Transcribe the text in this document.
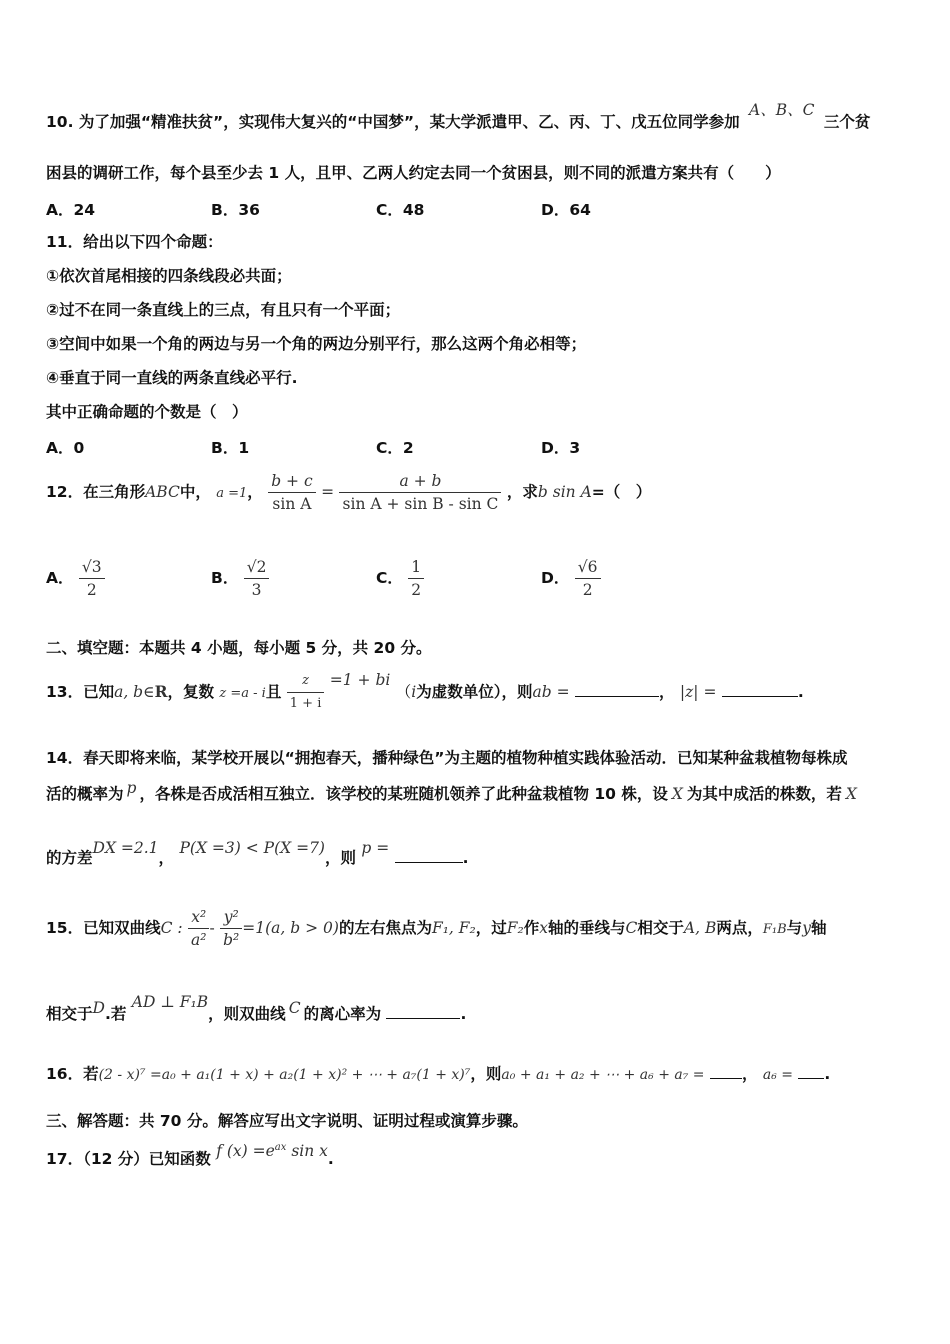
10. 为了加强“精准扶贫”，实现伟大复兴的“中国梦”，某大学派遣甲、乙、丙、丁、戊五位同学参加 A、B、C 三个贫
困县的调研工作，每个县至少去 1 人，且甲、乙两人约定去同一个贫困县，则不同的派遣方案共有（　　）
A．24	B．36	C．48	D．64
11．给出以下四个命题：
①依次首尾相接的四条线段必共面；
②过不在同一条直线上的三点，有且只有一个平面；
③空间中如果一个角的两边与另一个角的两边分别平行，那么这两个角必相等；
④垂直于同一直线的两条直线必平行.
其中正确命题的个数是（　）
A．0	B．1	C．2	D．3
12．在三角形ABC中， a =1， $\frac{b + c}{\text{sin A}} = \frac{a + b}{\text{sin A + sin B - sin C}}$ ，求b sin A=（　）
A． $\frac{√3}{2}$	B． $\frac{√2}{3}$	C． $\frac{1}{2}$	D． $\frac{√6}{2}$
二、填空题：本题共 4 小题，每小题 5 分，共 20 分。
13．已知a, b∈R，复数 z =a - i且 $\frac{z}{1 + i} =1$ + bi （i为虚数单位），则ab =	， |z| =	.
14．春天即将来临，某学校开展以“拥抱春天，播种绿色”为主题的植物种植实践体验活动．已知某种盆栽植物每株成
活的概率为 p ，各株是否成活相互独立．该学校的某班随机领养了此种盆栽植物 10 株，设 X 为其中成活的株数，若 X
的方差DX =2.1， P(X =3) < P(X =7)，则 p = .
15．已知双曲线C : $\frac{\text{x²}}{\text{a²}} - \frac{\text{y²}}{\text{b²}} =1(a$, b > 0)的左右焦点为F₁, F₂，过F₂作x轴的垂线与C相交于A, B两点，F₁B与y轴
相交于D.若 AD ⊥ F₁B，则双曲线 C 的离心率为	.
16．若(2 - x)⁷ =a₀ + a₁(1 + x) + a₂(1 + x)² + ⋯ + a₇(1 + x)⁷，则a₀ + a₁ + a₂ + ⋯ + a₆ + a₇ = ， a₆ = .
三、解答题：共 70 分。解答应写出文字说明、证明过程或演算步骤。
17．（12 分）已知函数 f $(x) =e^{ax}$ sin x.
